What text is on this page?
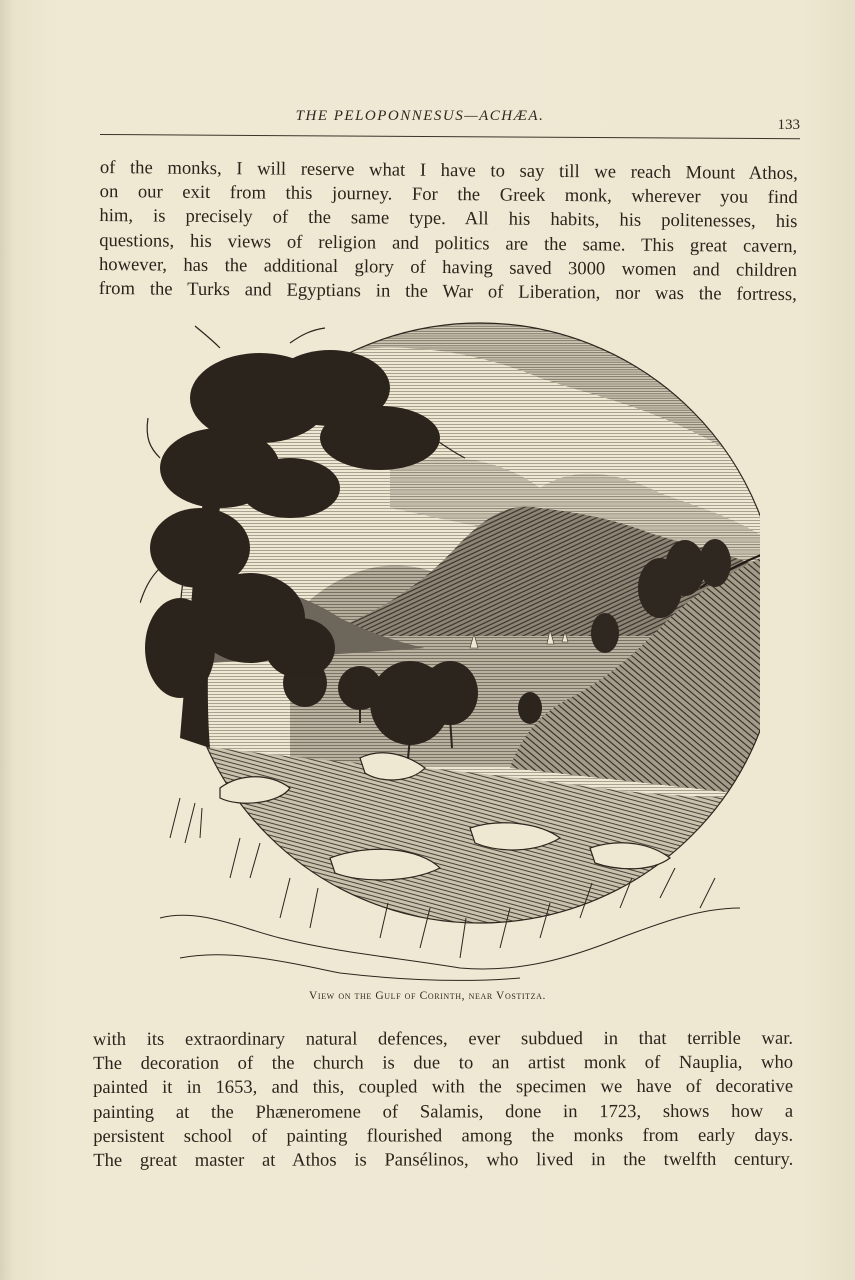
THE PELOPONNESUS—ACHÆA.
133
of the monks, I will reserve what I have to say till we reach Mount Athos,
on our exit from this journey. For the Greek monk, wherever you find
him, is precisely of the same type. All his habits, his politenesses, his
questions, his views of religion and politics are the same. This great cavern,
however, has the additional glory of having saved 3000 women and children
from the Turks and Egyptians in the War of Liberation, nor was the fortress,
View on the Gulf of Corinth, near Vostitza.
with its extraordinary natural defences, ever subdued in that terrible war.
The decoration of the church is due to an artist monk of Nauplia, who
painted it in 1653, and this, coupled with the specimen we have of decorative
painting at the Phæneromene of Salamis, done in 1723, shows how a
persistent school of painting flourished among the monks from early days.
The great master at Athos is Pansélinos, who lived in the twelfth century.
